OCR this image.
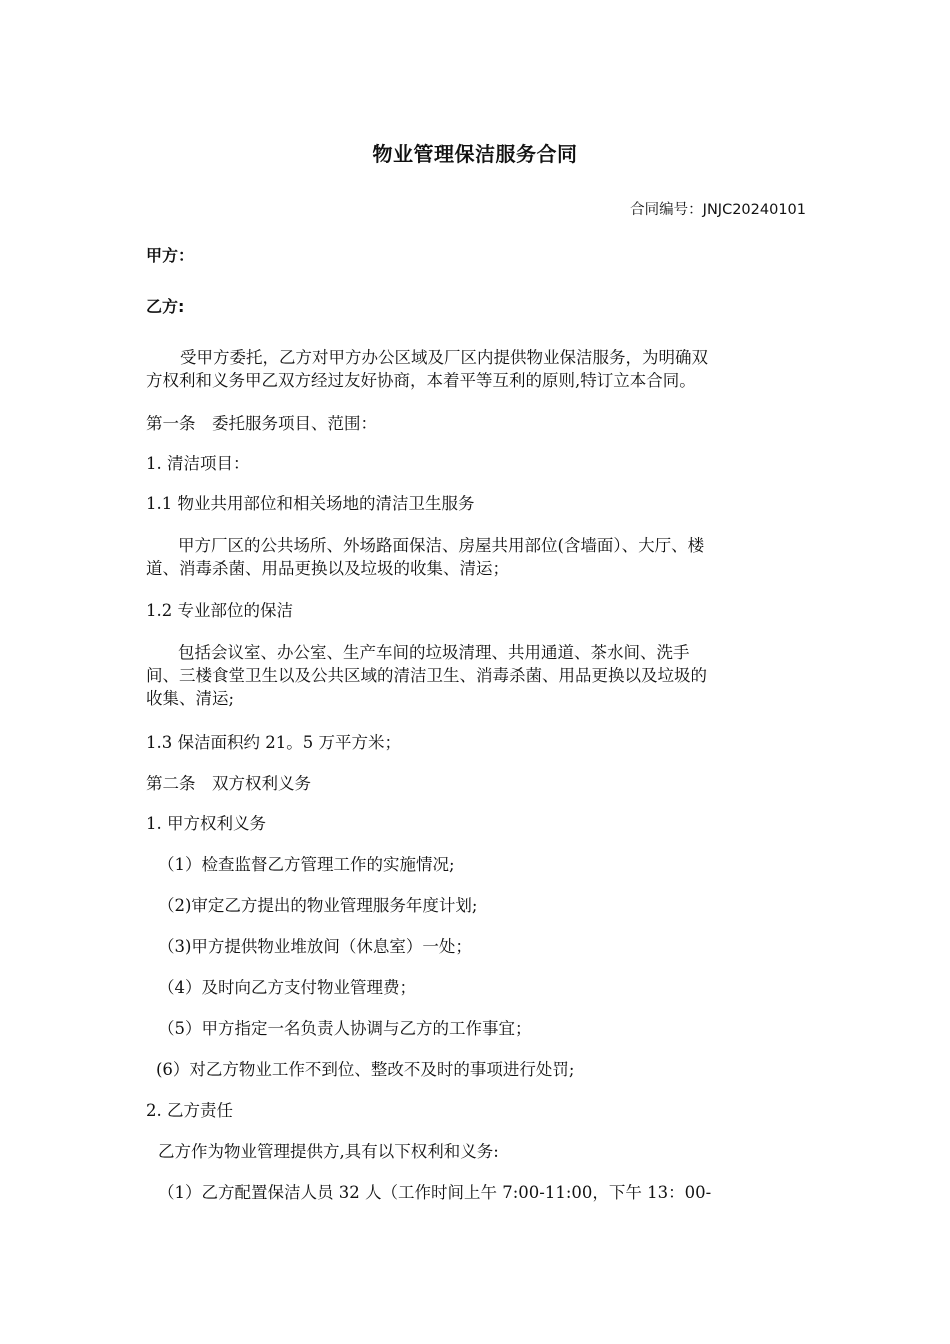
物业管理保洁服务合同
合同编号：JNJC20240101
甲方：
乙方:
受甲方委托，乙方对甲方办公区域及厂区内提供物业保洁服务，为明确双
方权利和义务甲乙双方经过友好协商，本着平等互利的原则,特订立本合同。
第一条　委托服务项目、范围：
1. 清洁项目：
1.1 物业共用部位和相关场地的清洁卫生服务
甲方厂区的公共场所、外场路面保洁、房屋共用部位(含墙面）、大厅、楼
道、消毒杀菌、用品更换以及垃圾的收集、清运；
1.2 专业部位的保洁
包括会议室、办公室、生产车间的垃圾清理、共用通道、茶水间、洗手
间、三楼食堂卫生以及公共区域的清洁卫生、消毒杀菌、用品更换以及垃圾的
收集、清运;
1.3 保洁面积约 21。5 万平方米；
第二条　双方权利义务
1. 甲方权利义务
（1）检查监督乙方管理工作的实施情况;
（2)审定乙方提出的物业管理服务年度计划;
（3)甲方提供物业堆放间（休息室）一处；
（4）及时向乙方支付物业管理费；
（5）甲方指定一名负责人协调与乙方的工作事宜；
(6）对乙方物业工作不到位、整改不及时的事项进行处罚;
2. 乙方责任
乙方作为物业管理提供方,具有以下权利和义务:
（1）乙方配置保洁人员 32 人（工作时间上午 7:00-11:00，下午 13：00-
